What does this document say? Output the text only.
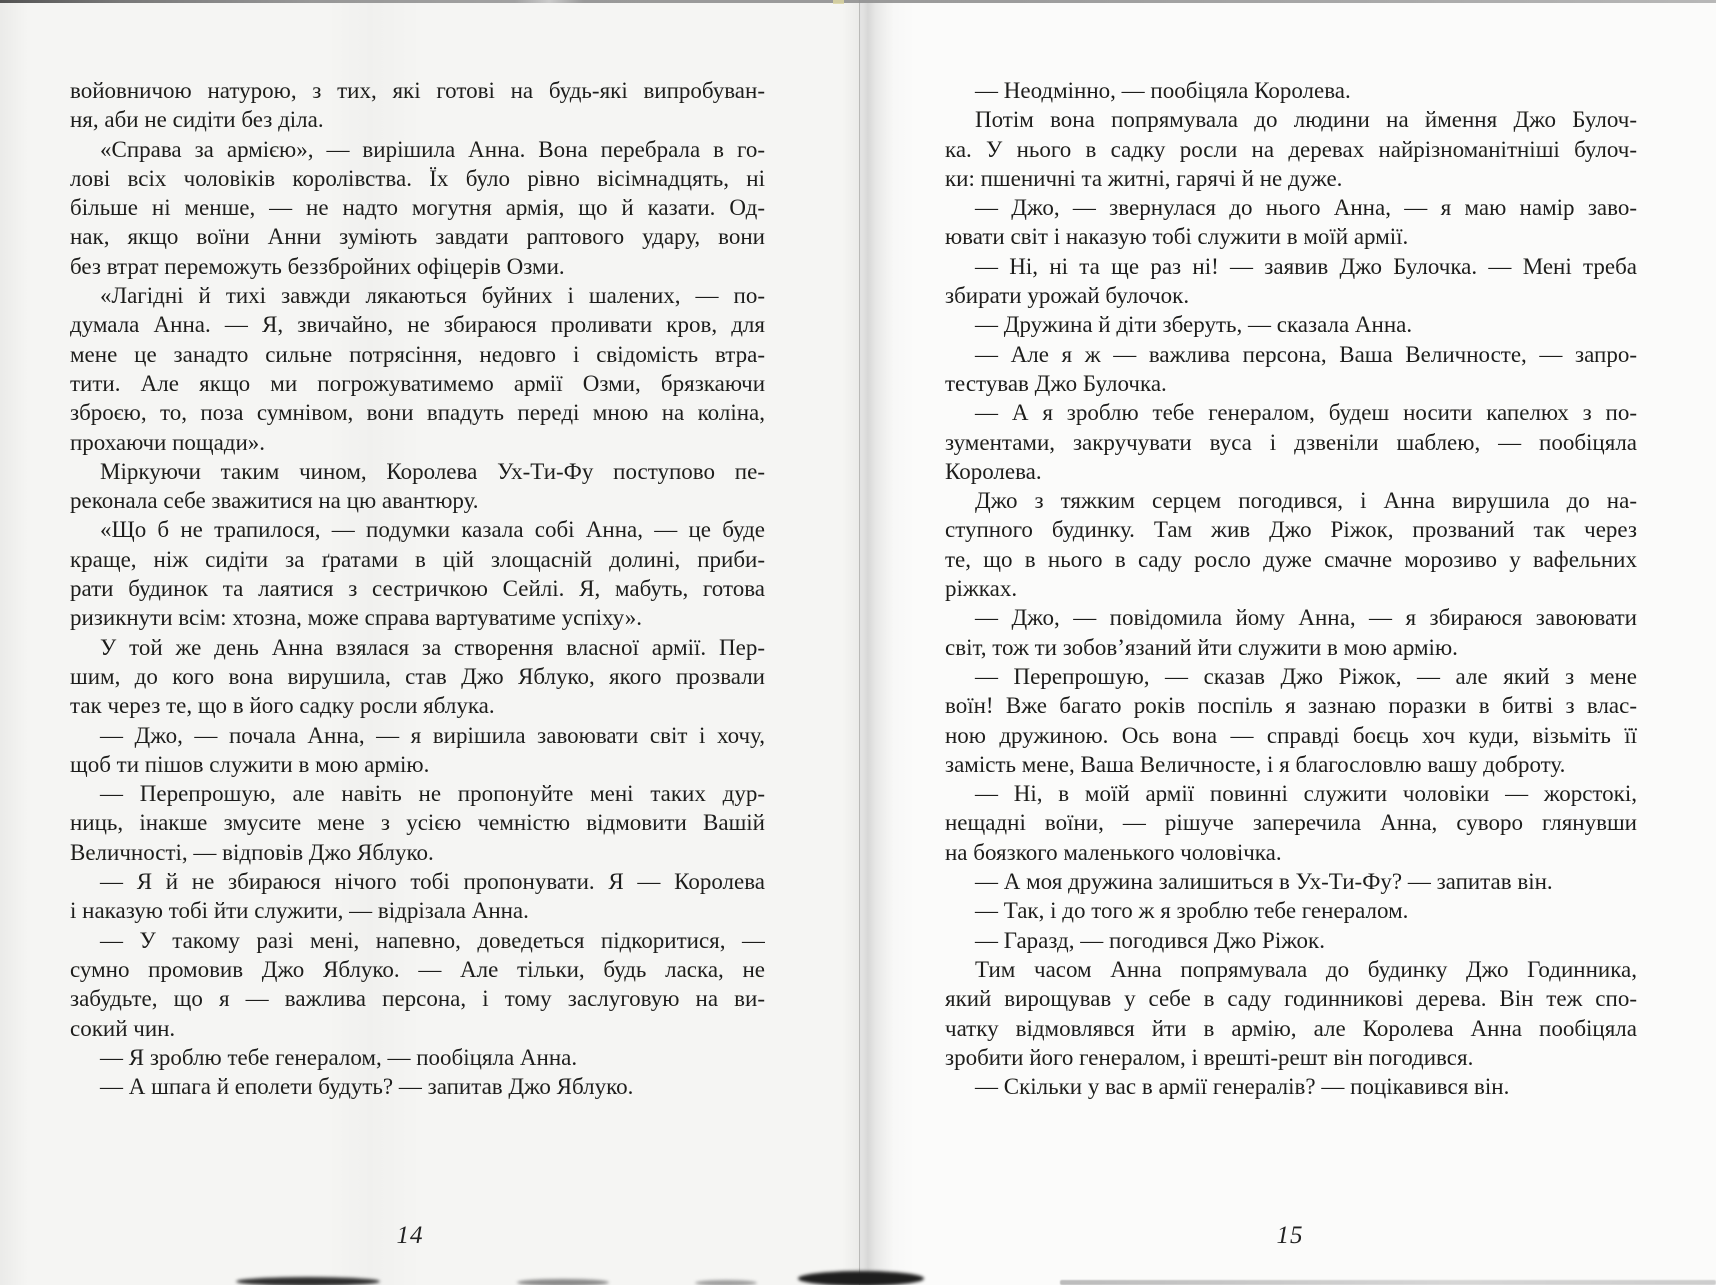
войовничою натурою, з тих, які готові на будь-які випробуван-
ня, аби не сидіти без діла.
«Справа за армією», — вирішила Анна. Вона перебрала в го-
лові всіх чоловіків королівства. Їх було рівно вісімнадцять, ні
більше ні менше, — не надто могутня армія, що й казати. Од-
нак, якщо воїни Анни зуміють завдати раптового удару, вони
без втрат переможуть беззбройних офіцерів Озми.
«Лагідні й тихі завжди лякаються буйних і шалених, — по-
думала Анна. — Я, звичайно, не збираюся проливати кров, для
мене це занадто сильне потрясіння, недовго і свідомість втра-
тити. Але якщо ми погрожуватимемо армії Озми, брязкаючи
зброєю, то, поза сумнівом, вони впадуть переді мною на коліна,
прохаючи пощади».
Міркуючи таким чином, Королева Ух-Ти-Фу поступово пе-
реконала себе зважитися на цю авантюру.
«Що б не трапилося, — подумки казала собі Анна, — це буде
краще, ніж сидіти за ґратами в цій злощасній долині, приби-
рати будинок та лаятися з сестричкою Сейлі. Я, мабуть, готова
ризикнути всім: хтозна, може справа вартуватиме успіху».
У той же день Анна взялася за створення власної армії. Пер-
шим, до кого вона вирушила, став Джо Яблуко, якого прозвали
так через те, що в його садку росли яблука.
— Джо, — почала Анна, — я вирішила завоювати світ і хочу,
щоб ти пішов служити в мою армію.
— Перепрошую, але навіть не пропонуйте мені таких дур-
ниць, інакше змусите мене з усією чемністю відмовити Вашій
Величності, — відповів Джо Яблуко.
— Я й не збираюся нічого тобі пропонувати. Я — Королева
і наказую тобі йти служити, — відрізала Анна.
— У такому разі мені, напевно, доведеться підкоритися, —
сумно промовив Джо Яблуко. — Але тільки, будь ласка, не
забудьте, що я — важлива персона, і тому заслуговую на ви-
сокий чин.
— Я зроблю тебе генералом, — пообіцяла Анна.
— А шпага й еполети будуть? — запитав Джо Яблуко.
14
— Неодмінно, — пообіцяла Королева.
Потім вона попрямувала до людини на ймення Джо Булоч-
ка. У нього в садку росли на деревах найрізноманітніші булоч-
ки: пшеничні та житні, гарячі й не дуже.
— Джо, — звернулася до нього Анна, — я маю намір заво-
ювати світ і наказую тобі служити в моїй армії.
— Ні, ні та ще раз ні! — заявив Джо Булочка. — Мені треба
збирати урожай булочок.
— Дружина й діти зберуть, — сказала Анна.
— Але я ж — важлива персона, Ваша Величносте, — запро-
тестував Джо Булочка.
— А я зроблю тебе генералом, будеш носити капелюх з по-
зументами, закручувати вуса і дзвеніли шаблею, — пообіцяла
Королева.
Джо з тяжким серцем погодився, і Анна вирушила до на-
ступного будинку. Там жив Джо Ріжок, прозваний так через
те, що в нього в саду росло дуже смачне морозиво у вафельних
ріжках.
— Джо, — повідомила йому Анна, — я збираюся завоювати
світ, тож ти зобов’язаний йти служити в мою армію.
— Перепрошую, — сказав Джо Ріжок, — але який з мене
воїн! Вже багато років поспіль я зазнаю поразки в битві з влас-
ною дружиною. Ось вона — справді боєць хоч куди, візьміть її
замість мене, Ваша Величносте, і я благословлю вашу доброту.
— Ні, в моїй армії повинні служити чоловіки — жорстокі,
нещадні воїни, — рішуче заперечила Анна, суворо глянувши
на боязкого маленького чоловічка.
— А моя дружина залишиться в Ух-Ти-Фу? — запитав він.
— Так, і до того ж я зроблю тебе генералом.
— Гаразд, — погодився Джо Ріжок.
Тим часом Анна попрямувала до будинку Джо Годинника,
який вирощував у себе в саду годинникові дерева. Він теж спо-
чатку відмовлявся йти в армію, але Королева Анна пообіцяла
зробити його генералом, і врешті-решт він погодився.
— Скільки у вас в армії генералів? — поцікавився він.
15
